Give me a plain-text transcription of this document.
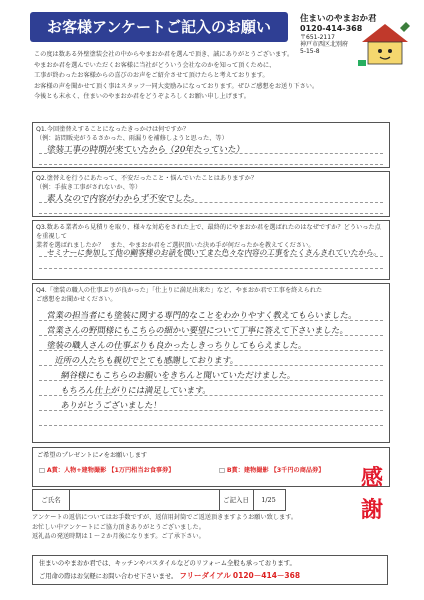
お客様アンケートご記入のお願い	住まいのやまおか君
0120-414-368
〒651-2117
神戸市西区北別府
5-15-8
この度は数ある外壁塗装会社の中からやまおか君を選んで頂き、誠にありがとうございます。
やまおか君を選んでいただくお客様に当社がどういう会社なのかを知って頂くために、
工事が終わったお客様からの喜びのお声をご紹介させて頂けたらと考えております。
お客様の声を聞かせて頂く事はスタッフ一同大変励みになっております。ぜひご感想をお送り下さい。
今後とも末永く、住まいのやまおか君をどうぞよろしくお願い申し上げます。
Q1.今回塗替えすることになったきっかけは何ですか？
（例：訪問販売がうるさかった、雨漏りを補修しようと思った、等）
塗装工事の時期が来ていたから（20年たっていた）
Q2.塗替えを行うにあたって、不安だったこと・悩んでいたことはありますか？
（例：手抜き工事がされないか、等）
素人なので内容がわからず不安でした。
Q3.数ある業者から見積りを取り、様々な対応をされた上で、最終的にやまおか君を選ばれたのはなぜですか？どういった点を重視して
業者を選ばれましたか？　また、やまおか君をご選択頂いた決め手が何だったかを教えてください。
セミナーに参加して他の顧客様のお話を聞いてまた色々な内容の工事をたくさんされていたから。
Q4.「塗装の職人の仕事ぶりが良かった」「仕上りに満足出来た」など、やまおか君で工事を終えられた
ご感想をお聞かせください。
営業の担当者にも塗装に関する専門的なことをわかりやすく教えてもらいました。
営業さんの野間様にもこちらの細かい要望について丁寧に答えて下さいました。
塗装の職人さんの仕事ぶりも良かったしきっちりしてもらえました。
近所の人たちも親切でとても感謝しております。
網谷様にもこちらのお願いをきちんと聞いていただけました。
もちろん仕上がりには満足しています。
ありがとうございました！
ご希望のプレゼントに✓をお願いします
□ A賞：人物+建物撮影 【1万円相当お食事券】	□ B賞：建物撮影 【3千円の商品券】
ご氏名	ご記入日	1/25
感
謝
アンケートの返信についてはお手数ですが、返信用封筒でご返送頂きますようお願い致します。
お忙しい中アンケートにご協力頂きありがとうございました。
返礼品の発送時期は１～２か月後になります。ご了承下さい。
住まいのやまおか君では、キッチンやバスタイルなどのリフォーム全般も承っております。
ご用命の際はお気軽にお問い合わせ下さいませ。 フリーダイアル 0120－414－368
